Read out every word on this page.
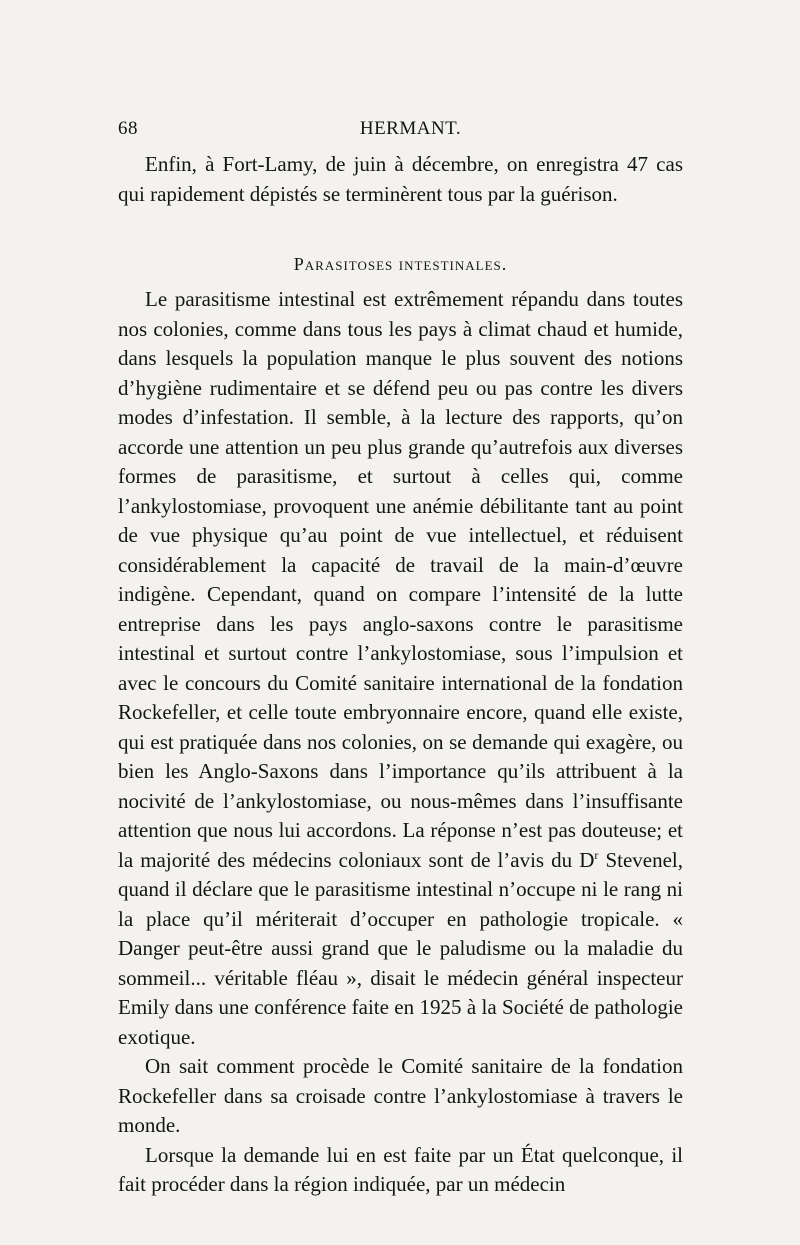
68	HERMANT.

Enfin, à Fort-Lamy, de juin à décembre, on enregistra 47 cas qui rapidement dépistés se terminèrent tous par la guérison.

Parasitoses intestinales.

Le parasitisme intestinal est extrêmement répandu dans toutes nos colonies, comme dans tous les pays à climat chaud et humide, dans lesquels la population manque le plus souvent des notions d’hygiène rudimentaire et se défend peu ou pas contre les divers modes d’infestation. Il semble, à la lecture des rapports, qu’on accorde une attention un peu plus grande qu’autrefois aux diverses formes de parasitisme, et surtout à celles qui, comme l’ankylostomiase, provoquent une anémie débilitante tant au point de vue physique qu’au point de vue intellectuel, et réduisent considérablement la capacité de travail de la main-d’œuvre indigène. Cependant, quand on compare l’intensité de la lutte entreprise dans les pays anglo-saxons contre le parasitisme intestinal et surtout contre l’ankylostomiase, sous l’impulsion et avec le concours du Comité sanitaire international de la fondation Rockefeller, et celle toute embryonnaire encore, quand elle existe, qui est pratiquée dans nos colonies, on se demande qui exagère, ou bien les Anglo-Saxons dans l’importance qu’ils attribuent à la nocivité de l’ankylostomiase, ou nous-mêmes dans l’insuffisante attention que nous lui accordons. La réponse n’est pas douteuse; et la majorité des médecins coloniaux sont de l’avis du $D^r$ Stevenel, quand il déclare que le parasitisme intestinal n’occupe ni le rang ni la place qu’il mériterait d’occuper en pathologie tropicale. « Danger peut-être aussi grand que le paludisme ou la maladie du sommeil... véritable fléau », disait le médecin général inspecteur Emily dans une conférence faite en 1925 à la Société de pathologie exotique.

On sait comment procède le Comité sanitaire de la fondation Rockefeller dans sa croisade contre l’ankylostomiase à travers le monde.

Lorsque la demande lui en est faite par un État quelconque, il fait procéder dans la région indiquée, par un médecin
